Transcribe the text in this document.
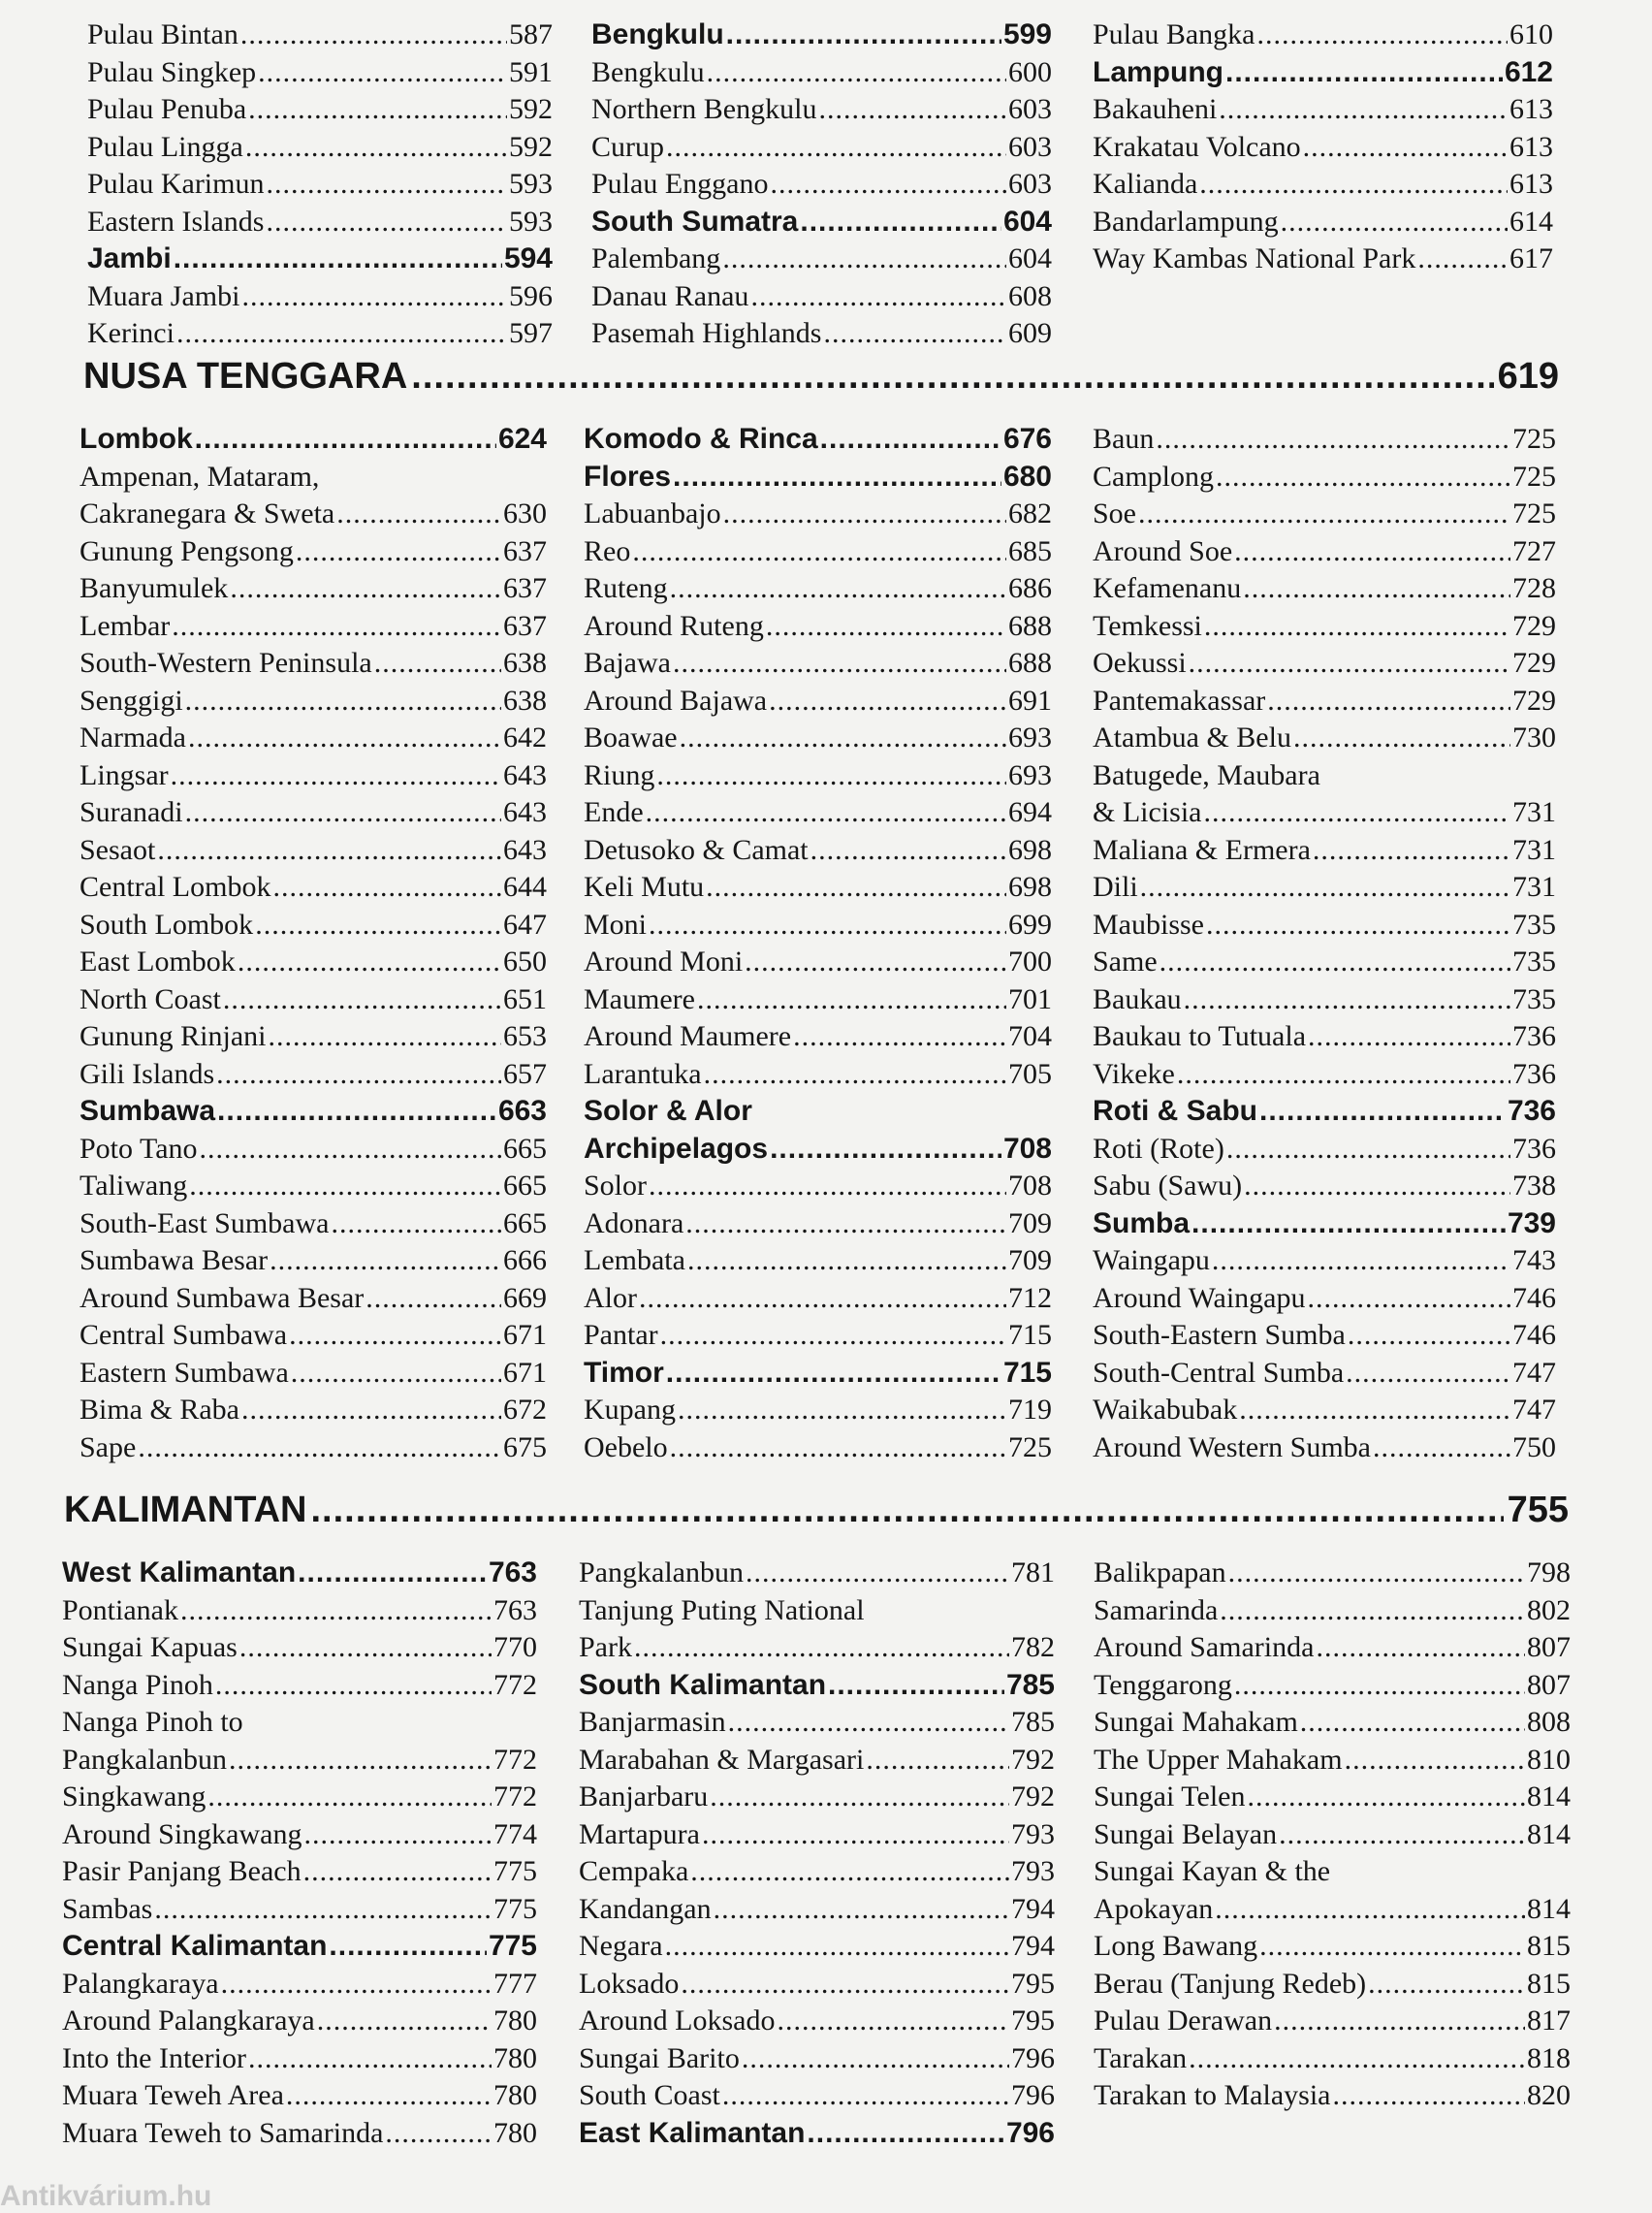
Pulau Bintan .....	587
Pulau Singkep .....	591
Pulau Penuba .....	592
Pulau Lingga .....	592
Pulau Karimun .....	593
Eastern Islands .....	593
Jambi .....	594
Muara Jambi .....	596
Kerinci .....	597
Bengkulu .....	599
Bengkulu .....	600
Northern Bengkulu .....	603
Curup .....	603
Pulau Enggano .....	603
South Sumatra .....	604
Palembang .....	604
Danau Ranau .....	608
Pasemah Highlands .....	609
Pulau Bangka .....	610
Lampung .....	612
Bakauheni .....	613
Krakatau Volcano .....	613
Kalianda .....	613
Bandarlampung .....	614
Way Kambas National Park .....	617
NUSA TENGGARA .....	619
Lombok .....	624
Ampenan, Mataram,
Cakranegara & Sweta .....	630
Gunung Pengsong .....	637
Banyumulek .....	637
Lembar .....	637
South-Western Peninsula .....	638
Senggigi .....	638
Narmada .....	642
Lingsar .....	643
Suranadi .....	643
Sesaot .....	643
Central Lombok .....	644
South Lombok .....	647
East Lombok .....	650
North Coast .....	651
Gunung Rinjani .....	653
Gili Islands .....	657
Sumbawa .....	663
Poto Tano .....	665
Taliwang .....	665
South-East Sumbawa .....	665
Sumbawa Besar .....	666
Around Sumbawa Besar .....	669
Central Sumbawa .....	671
Eastern Sumbawa .....	671
Bima & Raba .....	672
Sape .....	675
Komodo & Rinca .....	676
Flores .....	680
Labuanbajo .....	682
Reo .....	685
Ruteng .....	686
Around Ruteng .....	688
Bajawa .....	688
Around Bajawa .....	691
Boawae .....	693
Riung .....	693
Ende .....	694
Detusoko & Camat .....	698
Keli Mutu .....	698
Moni .....	699
Around Moni .....	700
Maumere .....	701
Around Maumere .....	704
Larantuka .....	705
Solor & Alor
Archipelagos .....	708
Solor .....	708
Adonara .....	709
Lembata .....	709
Alor .....	712
Pantar .....	715
Timor .....	715
Kupang .....	719
Oebelo .....	725
Baun .....	725
Camplong .....	725
Soe .....	725
Around Soe .....	727
Kefamenanu .....	728
Temkessi .....	729
Oekussi .....	729
Pantemakassar .....	729
Atambua & Belu .....	730
Batugede, Maubara
& Licisia .....	731
Maliana & Ermera .....	731
Dili .....	731
Maubisse .....	735
Same .....	735
Baukau .....	735
Baukau to Tutuala .....	736
Vikeke .....	736
Roti & Sabu .....	736
Roti (Rote) .....	736
Sabu (Sawu) .....	738
Sumba .....	739
Waingapu .....	743
Around Waingapu .....	746
South-Eastern Sumba .....	746
South-Central Sumba .....	747
Waikabubak .....	747
Around Western Sumba .....	750
KALIMANTAN .....	755
West Kalimantan .....	763
Pontianak .....	763
Sungai Kapuas .....	770
Nanga Pinoh .....	772
Nanga Pinoh to
Pangkalanbun .....	772
Singkawang .....	772
Around Singkawang .....	774
Pasir Panjang Beach .....	775
Sambas .....	775
Central Kalimantan .....	775
Palangkaraya .....	777
Around Palangkaraya .....	780
Into the Interior .....	780
Muara Teweh Area .....	780
Muara Teweh to Samarinda .....	780
Pangkalanbun .....	781
Tanjung Puting National
Park .....	782
South Kalimantan .....	785
Banjarmasin .....	785
Marabahan & Margasari .....	792
Banjarbaru .....	792
Martapura .....	793
Cempaka .....	793
Kandangan .....	794
Negara .....	794
Loksado .....	795
Around Loksado .....	795
Sungai Barito .....	796
South Coast .....	796
East Kalimantan .....	796
Balikpapan .....	798
Samarinda .....	802
Around Samarinda .....	807
Tenggarong .....	807
Sungai Mahakam .....	808
The Upper Mahakam .....	810
Sungai Telen .....	814
Sungai Belayan .....	814
Sungai Kayan & the
Apokayan .....	814
Long Bawang .....	815
Berau (Tanjung Redeb) .....	815
Pulau Derawan .....	817
Tarakan .....	818
Tarakan to Malaysia .....	820
Antikvárium.hu
